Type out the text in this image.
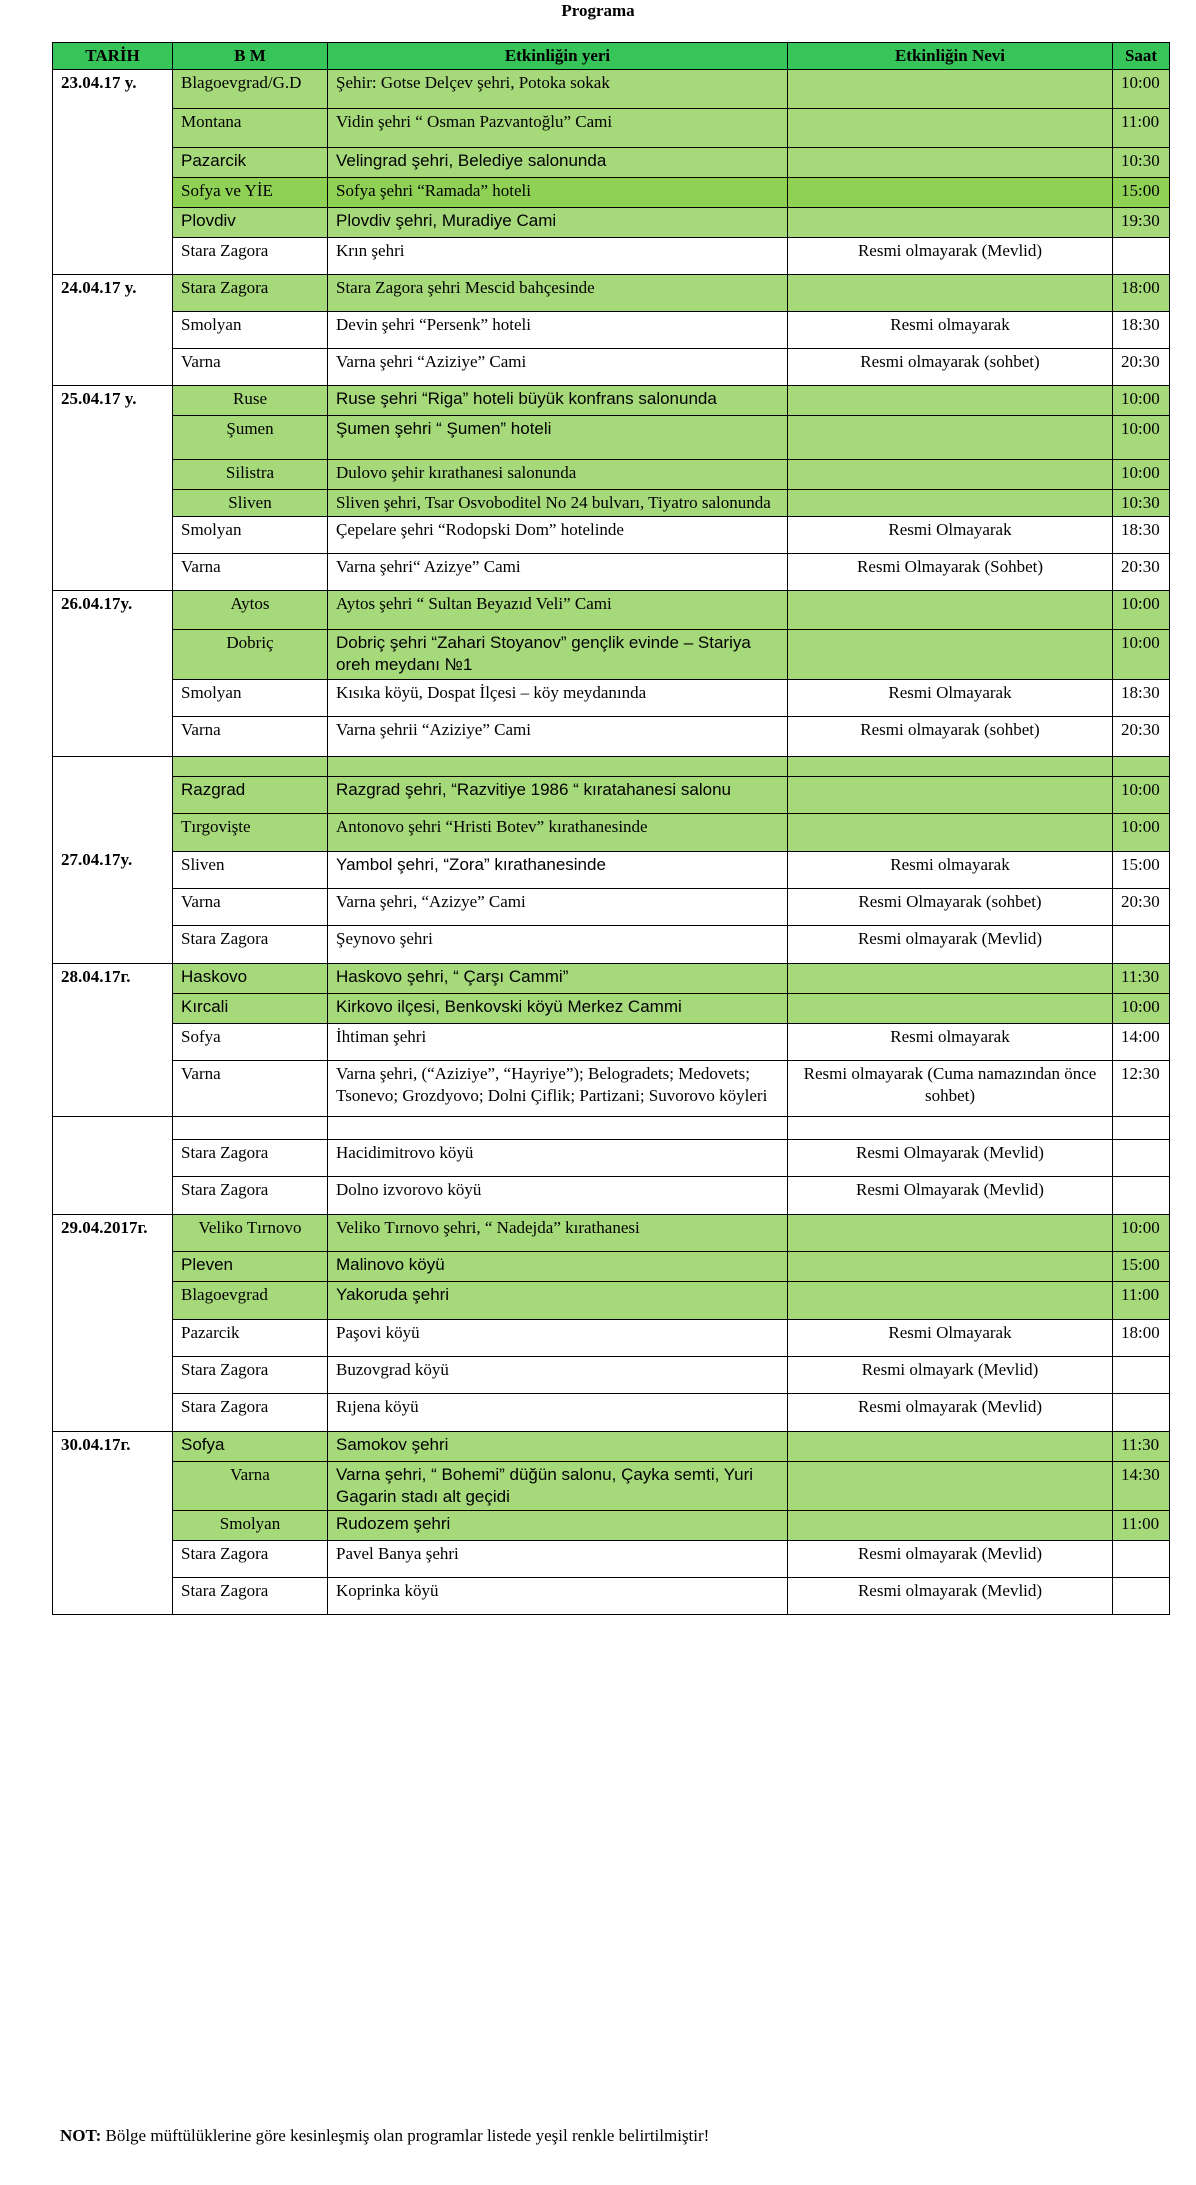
Programa
TARİH	B M	Etkinliğin yeri	Etkinliğin Nevi	Saat
23.04.17 y.	Blagoevgrad/G.D	Şehir: Gotse Delçev şehri, Potoka sokak		10:00
	Montana	Vidin şehri “ Osman Pazvantoğlu” Cami		11:00
	Pazarcik	Velingrad şehri, Belediye salonunda		10:30
	Sofya ve YİE	Sofya şehri “Ramada” hoteli		15:00
	Plovdiv	Plovdiv şehri, Muradiye Cami		19:30
	Stara Zagora	Krın şehri	Resmi olmayarak (Mevlid)	
24.04.17 y.	Stara Zagora	Stara Zagora şehri Mescid bahçesinde		18:00
	Smolyan	Devin şehri “Persenk” hoteli	Resmi olmayarak	18:30
	Varna	Varna şehri “Aziziye” Cami	Resmi olmayarak (sohbet)	20:30
25.04.17 y.	Ruse	Ruse şehri “Riga” hoteli büyük konfrans salonunda		10:00
	Şumen	Şumen şehri “ Şumen” hoteli		10:00
	Silistra	Dulovo şehir kırathanesi salonunda		10:00
	Sliven	Sliven şehri, Tsar Osvoboditel No 24 bulvarı, Tiyatro salonunda		10:30
	Smolyan	Çepelare şehri “Rodopski Dom” hotelinde	Resmi Olmayarak	18:30
	Varna	Varna şehri“ Azizye” Cami	Resmi Olmayarak (Sohbet)	20:30
26.04.17y.	Aytos	Aytos şehri “ Sultan Beyazıd Veli” Cami		10:00
	Dobriç	Dobriç şehri “Zahari Stoyanov” gençlik evinde – Stariya oreh meydanı №1		10:00
	Smolyan	Kısıka köyü, Dospat İlçesi – köy meydanında	Resmi Olmayarak	18:30
	Varna	Varna şehrii “Aziziye” Cami	Resmi olmayarak (sohbet)	20:30
27.04.17y.				
	Razgrad	Razgrad şehri, “Razvitiye 1986 “ kıratahanesi salonu		10:00
	Tırgovişte	Antonovo şehri “Hristi Botev” kırathanesinde		10:00
	Sliven	Yambol şehri, “Zora” kırathanesinde	Resmi olmayarak	15:00
	Varna	Varna şehri, “Azizye” Cami	Resmi Olmayarak (sohbet)	20:30
	Stara Zagora	Şeynovo şehri	Resmi olmayarak (Mevlid)	
28.04.17г.	Haskovo	Haskovo şehri, “ Çarşı Cammi”		11:30
	Kırcali	Kirkovo ilçesi, Benkovski köyü Merkez Cammi		10:00
	Sofya	İhtiman şehri	Resmi olmayarak	14:00
	Varna	Varna şehri, (“Aziziye”, “Hayriye”); Belogradets; Medovets; Tsonevo; Grozdyovo; Dolni Çiflik; Partizani; Suvorovo köyleri	Resmi olmayarak (Cuma namazından önce sohbet)	12:30

	Stara Zagora	Hacidimitrovo köyü	Resmi Olmayarak (Mevlid)	
	Stara Zagora	Dolno izvorovo köyü	Resmi Olmayarak (Mevlid)	
29.04.2017г.	Veliko Tırnovo	Veliko Tırnovo şehri, “ Nadejda” kırathanesi		10:00
	Pleven	Malinovo köyü		15:00
	Blagoevgrad	Yakoruda şehri		11:00
	Pazarcik	Paşovi köyü	Resmi Olmayarak	18:00
	Stara Zagora	Buzovgrad köyü	Resmi olmayark (Mevlid)	
	Stara Zagora	Rıjena köyü	Resmi olmayarak (Mevlid)	
30.04.17г.	Sofya	Samokov şehri		11:30
	Varna	Varna şehri, “ Bohemi” düğün salonu, Çayka semti, Yuri Gagarin stadı alt geçidi		14:30
	Smolyan	Rudozem şehri		11:00
	Stara Zagora	Pavel Banya şehri	Resmi olmayarak (Mevlid)	
	Stara Zagora	Koprinka köyü	Resmi olmayarak (Mevlid)	
NOT: Bölge müftülüklerine göre kesinleşmiş olan programlar listede yeşil renkle belirtilmiştir!
